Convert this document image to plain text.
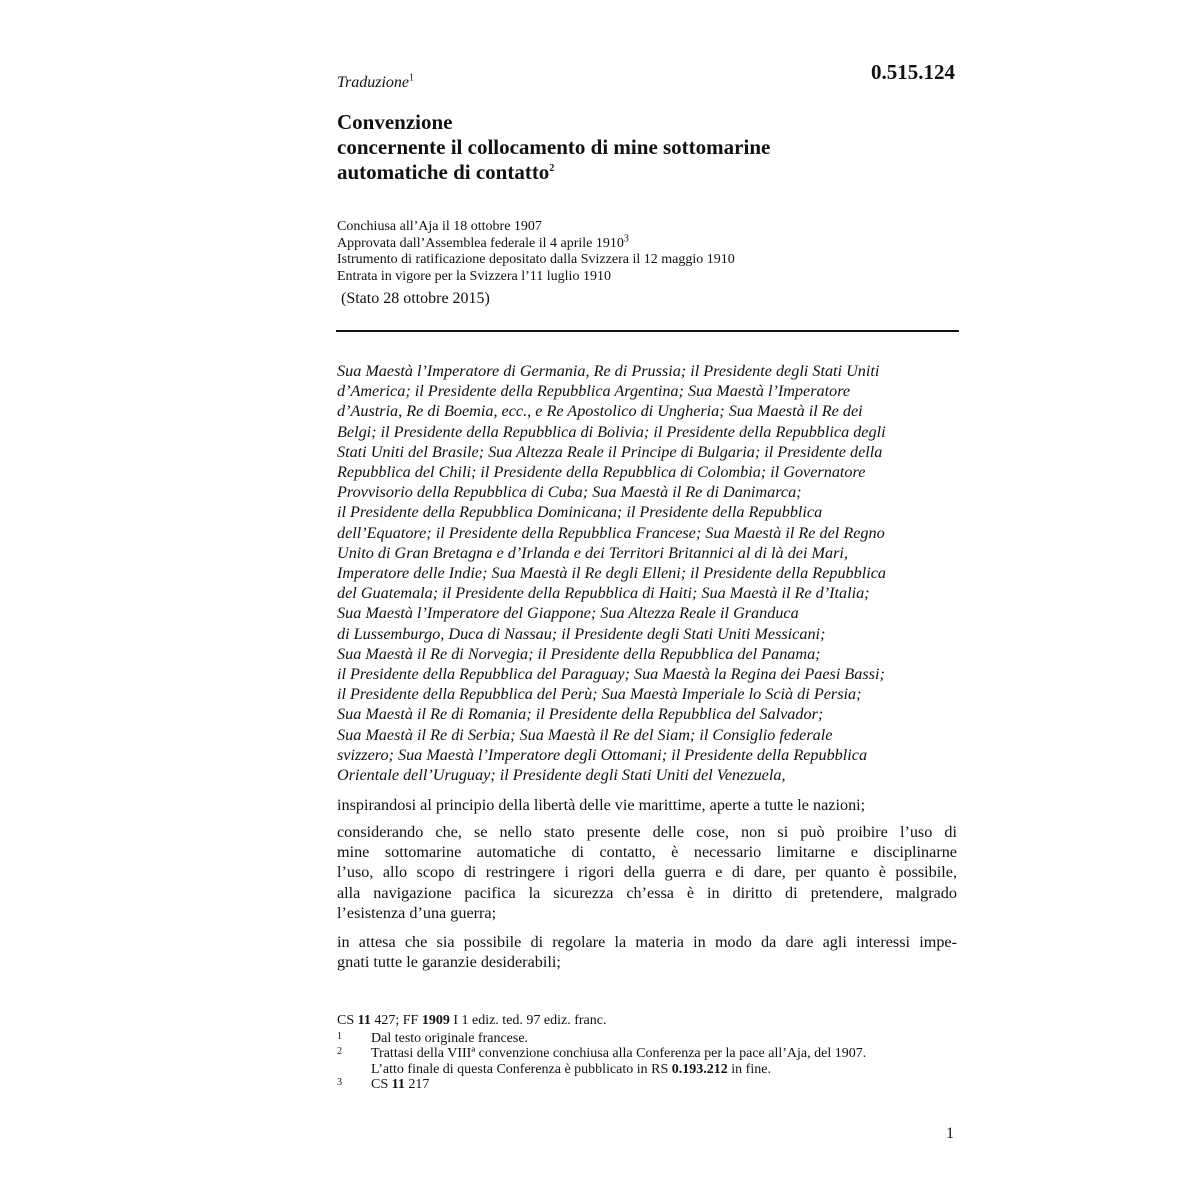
Traduzione$^1$	0.515.124
Convenzione
concernente il collocamento di mine sottomarine
automatiche di contatto$^2$
Conchiusa all’Aja il 18 ottobre 1907
Approvata dall’Assemblea federale il 4 aprile 1910$^3$
Istrumento di ratificazione depositato dalla Svizzera il 12 maggio 1910
Entrata in vigore per la Svizzera l’11 luglio 1910
(Stato 28 ottobre 2015)
Sua Maestà l’Imperatore di Germania, Re di Prussia; il Presidente degli Stati Uniti
d’America; il Presidente della Repubblica Argentina; Sua Maestà l’Imperatore
d’Austria, Re di Boemia, ecc., e Re Apostolico di Ungheria; Sua Maestà il Re dei
Belgi; il Presidente della Repubblica di Bolivia; il Presidente della Repubblica degli
Stati Uniti del Brasile; Sua Altezza Reale il Principe di Bulgaria; il Presidente della
Repubblica del Chili; il Presidente della Repubblica di Colombia; il Governatore
Provvisorio della Repubblica di Cuba; Sua Maestà il Re di Danimarca;
il Presidente della Repubblica Dominicana; il Presidente della Repubblica
dell’Equatore; il Presidente della Repubblica Francese; Sua Maestà il Re del Regno
Unito di Gran Bretagna e d’Irlanda e dei Territori Britannici al di là dei Mari,
Imperatore delle Indie; Sua Maestà il Re degli Elleni; il Presidente della Repubblica
del Guatemala; il Presidente della Repubblica di Haiti; Sua Maestà il Re d’Italia;
Sua Maestà l’Imperatore del Giappone; Sua Altezza Reale il Granduca
di Lussemburgo, Duca di Nassau; il Presidente degli Stati Uniti Messicani;
Sua Maestà il Re di Norvegia; il Presidente della Repubblica del Panama;
il Presidente della Repubblica del Paraguay; Sua Maestà la Regina dei Paesi Bassi;
il Presidente della Repubblica del Perù; Sua Maestà Imperiale lo Scià di Persia;
Sua Maestà il Re di Romania; il Presidente della Repubblica del Salvador;
Sua Maestà il Re di Serbia; Sua Maestà il Re del Siam; il Consiglio federale
svizzero; Sua Maestà l’Imperatore degli Ottomani; il Presidente della Repubblica
Orientale dell’Uruguay; il Presidente degli Stati Uniti del Venezuela,
inspirandosi al principio della libertà delle vie marittime, aperte a tutte le nazioni;
considerando che, se nello stato presente delle cose, non si può proibire l’uso di
mine sottomarine automatiche di contatto, è necessario limitarne e disciplinarne
l’uso, allo scopo di restringere i rigori della guerra e di dare, per quanto è possibile,
alla navigazione pacifica la sicurezza ch’essa è in diritto di pretendere, malgrado
l’esistenza d’una guerra;
in attesa che sia possibile di regolare la materia in modo da dare agli interessi impe-
gnati tutte le garanzie desiderabili;
CS 11 427; FF 1909 I 1 ediz. ted. 97 ediz. franc.
1	Dal testo originale francese.
2	Trattasi della VIIIª convenzione conchiusa alla Conferenza per la pace all’Aja, del 1907.
L’atto finale di questa Conferenza è pubblicato in RS 0.193.212 in fine.
3	CS 11 217
1
